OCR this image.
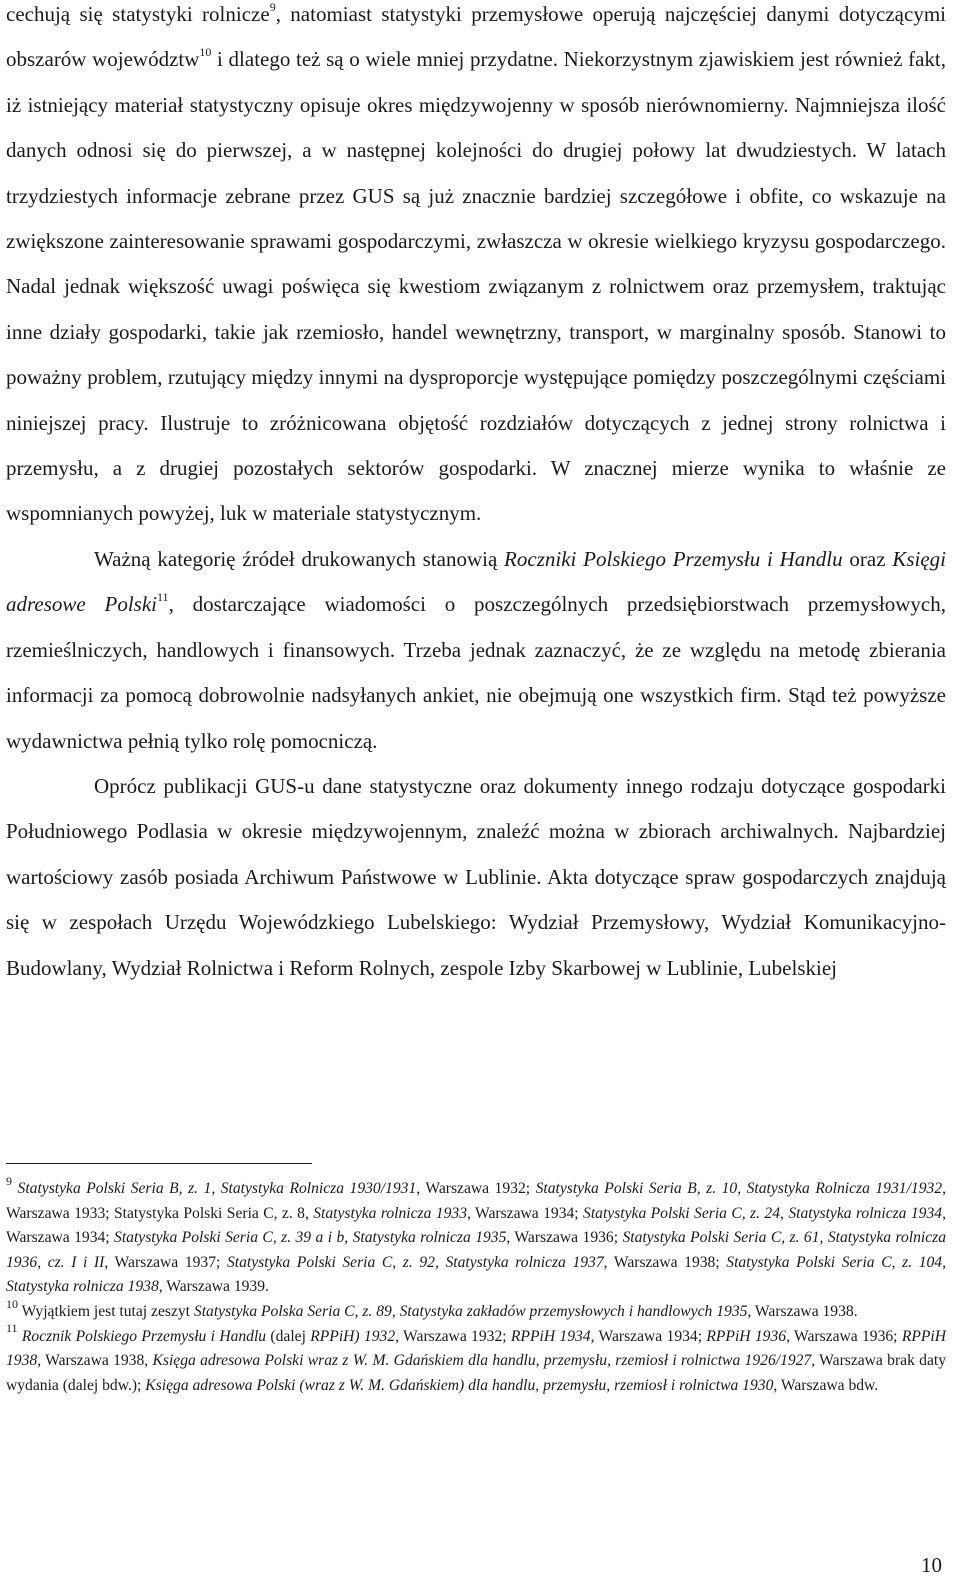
cechują się statystyki rolnicze$^9$, natomiast statystyki przemysłowe operują najczęściej danymi dotyczącymi obszarów województw$^{10}$ i dlatego też są o wiele mniej przydatne. Niekorzystnym zjawiskiem jest również fakt, iż istniejący materiał statystyczny opisuje okres międzywojenny w sposób nierównomierny. Najmniejsza ilość danych odnosi się do pierwszej, a w następnej kolejności do drugiej połowy lat dwudziestych. W latach trzydziestych informacje zebrane przez GUS są już znacznie bardziej szczegółowe i obfite, co wskazuje na zwiększone zainteresowanie sprawami gospodarczymi, zwłaszcza w okresie wielkiego kryzysu gospodarczego. Nadal jednak większość uwagi poświęca się kwestiom związanym z rolnictwem oraz przemysłem, traktując inne działy gospodarki, takie jak rzemiosło, handel wewnętrzny, transport, w marginalny sposób. Stanowi to poważny problem, rzutujący między innymi na dysproporcje występujące pomiędzy poszczególnymi częściami niniejszej pracy. Ilustruje to zróżnicowana objętość rozdziałów dotyczących z jednej strony rolnictwa i przemysłu, a z drugiej pozostałych sektorów gospodarki. W znacznej mierze wynika to właśnie ze wspomnianych powyżej, luk w materiale statystycznym.

Ważną kategorię źródeł drukowanych stanowią Roczniki Polskiego Przemysłu i Handlu oraz Księgi adresowe Polski$^{11}$, dostarczające wiadomości o poszczególnych przedsiębiorstwach przemysłowych, rzemieślniczych, handlowych i finansowych. Trzeba jednak zaznaczyć, że ze względu na metodę zbierania informacji za pomocą dobrowolnie nadsyłanych ankiet, nie obejmują one wszystkich firm. Stąd też powyższe wydawnictwa pełnią tylko rolę pomocniczą.

Oprócz publikacji GUS-u dane statystyczne oraz dokumenty innego rodzaju dotyczące gospodarki Południowego Podlasia w okresie międzywojennym, znaleźć można w zbiorach archiwalnych. Najbardziej wartościowy zasób posiada Archiwum Państwowe w Lublinie. Akta dotyczące spraw gospodarczych znajdują się w zespołach Urzędu Wojewódzkiego Lubelskiego: Wydział Przemysłowy, Wydział Komunikacyjno-Budowlany, Wydział Rolnictwa i Reform Rolnych, zespole Izby Skarbowej w Lublinie, Lubelskiej

$^9$ Statystyka Polski Seria B, z. 1, Statystyka Rolnicza 1930/1931, Warszawa 1932; Statystyka Polski Seria B, z. 10, Statystyka Rolnicza 1931/1932, Warszawa 1933; Statystyka Polski Seria C, z. 8, Statystyka rolnicza 1933, Warszawa 1934; Statystyka Polski Seria C, z. 24, Statystyka rolnicza 1934, Warszawa 1934; Statystyka Polski Seria C, z. 39 a i b, Statystyka rolnicza 1935, Warszawa 1936; Statystyka Polski Seria C, z. 61, Statystyka rolnicza 1936, cz. I i II, Warszawa 1937; Statystyka Polski Seria C, z. 92, Statystyka rolnicza 1937, Warszawa 1938; Statystyka Polski Seria C, z. 104, Statystyka rolnicza 1938, Warszawa 1939.

$^{10}$ Wyjątkiem jest tutaj zeszyt Statystyka Polska Seria C, z. 89, Statystyka zakładów przemysłowych i handlowych 1935, Warszawa 1938.

$^{11}$ Rocznik Polskiego Przemysłu i Handlu (dalej RPPiH) 1932, Warszawa 1932; RPPiH 1934, Warszawa 1934; RPPiH 1936, Warszawa 1936; RPPiH 1938, Warszawa 1938, Księga adresowa Polski wraz z W. M. Gdańskiem dla handlu, przemysłu, rzemiosł i rolnictwa 1926/1927, Warszawa brak daty wydania (dalej bdw.); Księga adresowa Polski (wraz z W. M. Gdańskiem) dla handlu, przemysłu, rzemiosł i rolnictwa 1930, Warszawa bdw.

10
